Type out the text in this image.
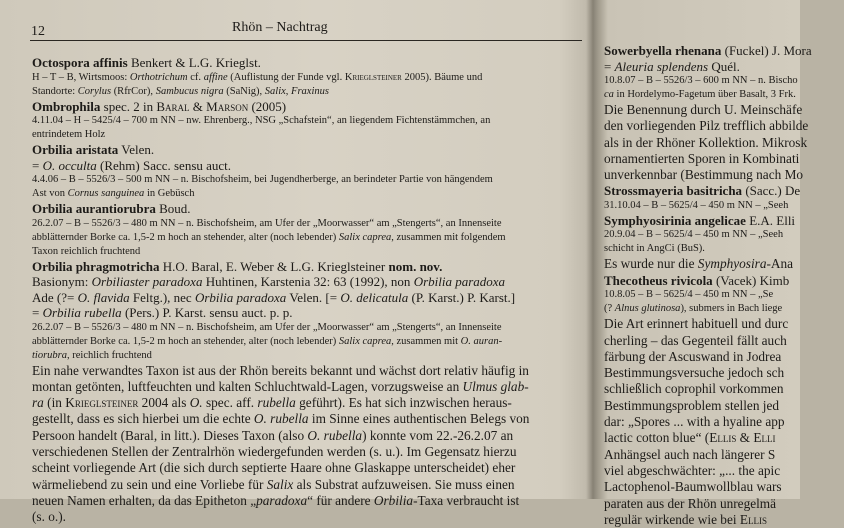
12	Rhön – Nachtrag
Octospora affinis Benkert & L.G. Krieglst.
H – T – B, Wirtsmoos: Orthotrichum cf. affine (Auflistung der Funde vgl. Krieglsteiner 2005). Bäume und
Standorte: Corylus (RfrCor), Sambucus nigra (SaNig), Salix, Fraxinus
Ombrophila spec. 2 in Baral & Marson (2005)
4.11.04 – H – 5425/4 – 700 m NN – nw. Ehrenberg., NSG „Schafstein“, an liegendem Fichtenstämmchen, an
entrindetem Holz
Orbilia aristata Velen.
= O. occulta (Rehm) Sacc. sensu auct.
4.4.06 – B – 5526/3 – 500 m NN – n. Bischofsheim, bei Jugendherberge, an berindeter Partie von hängendem
Ast von Cornus sanguinea in Gebüsch
Orbilia aurantiorubra Boud.
26.2.07 – B – 5526/3 – 480 m NN – n. Bischofsheim, am Ufer der „Moorwasser“ am „Stengerts“, an Innenseite
abblätternder Borke ca. 1,5-2 m hoch an stehender, alter (noch lebender) Salix caprea, zusammen mit folgendem
Taxon reichlich fruchtend
Orbilia phragmotricha H.O. Baral, E. Weber & L.G. Krieglsteiner nom. nov.
Basionym: Orbiliaster paradoxa Huhtinen, Karstenia 32: 63 (1992), non Orbilia paradoxa
Ade (?= O. flavida Feltg.), nec Orbilia paradoxa Velen. [= O. delicatula (P. Karst.) P. Karst.]
= Orbilia rubella (Pers.) P. Karst. sensu auct. p. p.
26.2.07 – B – 5526/3 – 480 m NN – n. Bischofsheim, am Ufer der „Moorwasser“ am „Stengerts“, an Innenseite
abblätternder Borke ca. 1,5-2 m hoch an stehender, alter (noch lebender) Salix caprea, zusammen mit O. auran-
tiorubra, reichlich fruchtend
Ein nahe verwandtes Taxon ist aus der Rhön bereits bekannt und wächst dort relativ häufig in
montan getönten, luftfeuchten und kalten Schluchtwald-Lagen, vorzugsweise an Ulmus glab-
ra (in Krieglsteiner 2004 als O. spec. aff. rubella geführt). Es hat sich inzwischen heraus-
gestellt, dass es sich hierbei um die echte O. rubella im Sinne eines authentischen Belegs von
Persoon handelt (Baral, in litt.). Dieses Taxon (also O. rubella) konnte vom 22.-26.2.07 an
verschiedenen Stellen der Zentralrhön wiedergefunden werden (s. u.). Im Gegensatz hierzu
scheint vorliegende Art (die sich durch septierte Haare ohne Glaskappe unterscheidet) eher
wärmeliebend zu sein und eine Vorliebe für Salix als Substrat aufzuweisen. Sie muss einen
neuen Namen erhalten, da das Epitheton „paradoxa“ für andere Orbilia-Taxa verbraucht ist
(s. o.).
Sowerbyella rhenana (Fuckel) J. Mora
= Aleuria splendens Quél.
10.8.07 – B – 5526/3 – 600 m NN – n. Bischo
ca in Hordelymo-Fagetum über Basalt, 3 Frk.
Die Benennung durch U. Meinschäfe
den vorliegenden Pilz trefflich abbilde
als in der Rhöner Kollektion. Mikrosk
ornamentierten Sporen in Kombinati
unverkennbar (Bestimmung nach Mo
Strossmayeria basitricha (Sacc.) De
31.10.04 – B – 5625/4 – 450 m NN – „Seeh
Symphyosirinia angelicae E.A. Elli
20.9.04 – B – 5625/4 – 450 m NN – „Seeh
schicht in AngCi (BuS).
Es wurde nur die Symphyosira-Ana
Thecotheus rivicola (Vacek) Kimb
10.8.05 – B – 5625/4 – 450 m NN – „Se
(? Alnus glutinosa), submers in Bach liege
Die Art erinnert habituell und durc
cherling – das Gegenteil fällt auch
färbung der Ascuswand in Jodrea
Bestimmungsversuche jedoch sch
schließlich coprophil vorkommen
Bestimmungsproblem stellen jed
dar: „Spores ... with a hyaline app
lactic cotton blue“ (Ellis & Elli
Anhängsel auch nach längerer S
viel abgeschwächter: „... the apic
Lactophenol-Baumwollblau wars
paraten aus der Rhön unregelmä
regulär wirkende wie bei Ellis
